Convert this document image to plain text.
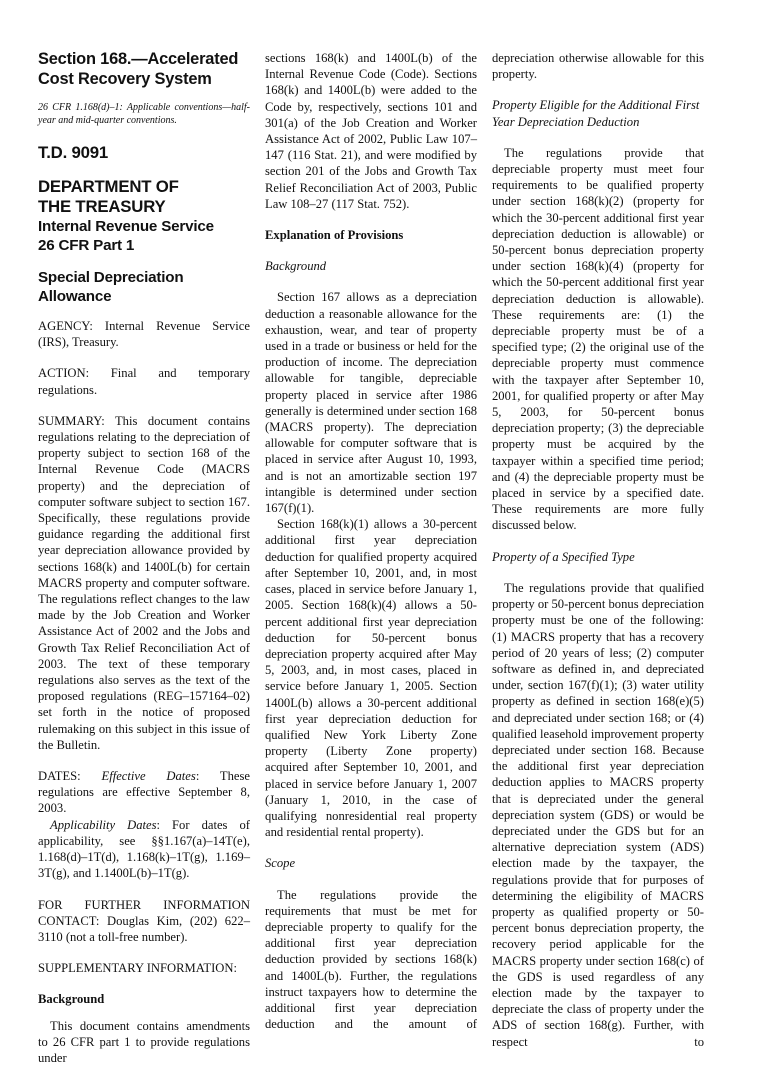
Section 168.—Accelerated Cost Recovery System

26 CFR 1.168(d)–1: Applicable conventions—half-year and mid-quarter conventions.

T.D. 9091
DEPARTMENT OF
THE TREASURY
Internal Revenue Service
26 CFR Part 1
Special Depreciation Allowance

AGENCY: Internal Revenue Service (IRS), Treasury.

ACTION: Final and temporary regulations.

SUMMARY: This document contains regulations relating to the depreciation of property subject to section 168 of the Internal Revenue Code (MACRS property) and the depreciation of computer software subject to section 167. Specifically, these regulations provide guidance regarding the additional first year depreciation allowance provided by sections 168(k) and 1400L(b) for certain MACRS property and computer software. The regulations reflect changes to the law made by the Job Creation and Worker Assistance Act of 2002 and the Jobs and Growth Tax Relief Reconciliation Act of 2003. The text of these temporary regulations also serves as the text of the proposed regulations (REG–157164–02) set forth in the notice of proposed rulemaking on this subject in this issue of the Bulletin.

DATES: Effective Dates: These regulations are effective September 8, 2003.

Applicability Dates: For dates of applicability, see §§1.167(a)–14T(e), 1.168(d)–1T(d), 1.168(k)–1T(g), 1.169–3T(g), and 1.1400L(b)–1T(g).

FOR FURTHER INFORMATION CONTACT: Douglas Kim, (202) 622–3110 (not a toll-free number).

SUPPLEMENTARY INFORMATION:

Background

This document contains amendments to 26 CFR part 1 to provide regulations under

sections 168(k) and 1400L(b) of the Internal Revenue Code (Code). Sections 168(k) and 1400L(b) were added to the Code by, respectively, sections 101 and 301(a) of the Job Creation and Worker Assistance Act of 2002, Public Law 107–147 (116 Stat. 21), and were modified by section 201 of the Jobs and Growth Tax Relief Reconciliation Act of 2003, Public Law 108–27 (117 Stat. 752).

Explanation of Provisions

Background

Section 167 allows as a depreciation deduction a reasonable allowance for the exhaustion, wear, and tear of property used in a trade or business or held for the production of income. The depreciation allowable for tangible, depreciable property placed in service after 1986 generally is determined under section 168 (MACRS property). The depreciation allowable for computer software that is placed in service after August 10, 1993, and is not an amortizable section 197 intangible is determined under section 167(f)(1).

Section 168(k)(1) allows a 30-percent additional first year depreciation deduction for qualified property acquired after September 10, 2001, and, in most cases, placed in service before January 1, 2005. Section 168(k)(4) allows a 50-percent additional first year depreciation deduction for 50-percent bonus depreciation property acquired after May 5, 2003, and, in most cases, placed in service before January 1, 2005. Section 1400L(b) allows a 30-percent additional first year depreciation deduction for qualified New York Liberty Zone property (Liberty Zone property) acquired after September 10, 2001, and placed in service before January 1, 2007 (January 1, 2010, in the case of qualifying nonresidential real property and residential rental property).

Scope

The regulations provide the requirements that must be met for depreciable property to qualify for the additional first year depreciation deduction provided by sections 168(k) and 1400L(b). Further, the regulations instruct taxpayers how to determine the additional first year depreciation deduction and the amount of

depreciation otherwise allowable for this property.

Property Eligible for the Additional First Year Depreciation Deduction

The regulations provide that depreciable property must meet four requirements to be qualified property under section 168(k)(2) (property for which the 30-percent additional first year depreciation deduction is allowable) or 50-percent bonus depreciation property under section 168(k)(4) (property for which the 50-percent additional first year depreciation deduction is allowable). These requirements are: (1) the depreciable property must be of a specified type; (2) the original use of the depreciable property must commence with the taxpayer after September 10, 2001, for qualified property or after May 5, 2003, for 50-percent bonus depreciation property; (3) the depreciable property must be acquired by the taxpayer within a specified time period; and (4) the depreciable property must be placed in service by a specified date. These requirements are more fully discussed below.

Property of a Specified Type

The regulations provide that qualified property or 50-percent bonus depreciation property must be one of the following: (1) MACRS property that has a recovery period of 20 years of less; (2) computer software as defined in, and depreciated under, section 167(f)(1); (3) water utility property as defined in section 168(e)(5) and depreciated under section 168; or (4) qualified leasehold improvement property depreciated under section 168. Because the additional first year depreciation deduction applies to MACRS property that is depreciated under the general depreciation system (GDS) or would be depreciated under the GDS but for an alternative depreciation system (ADS) election made by the taxpayer, the regulations provide that for purposes of determining the eligibility of MACRS property as qualified property or 50-percent bonus depreciation property, the recovery period applicable for the MACRS property under section 168(c) of the GDS is used regardless of any election made by the taxpayer to depreciate the class of property under the ADS of section 168(g). Further, with respect to
